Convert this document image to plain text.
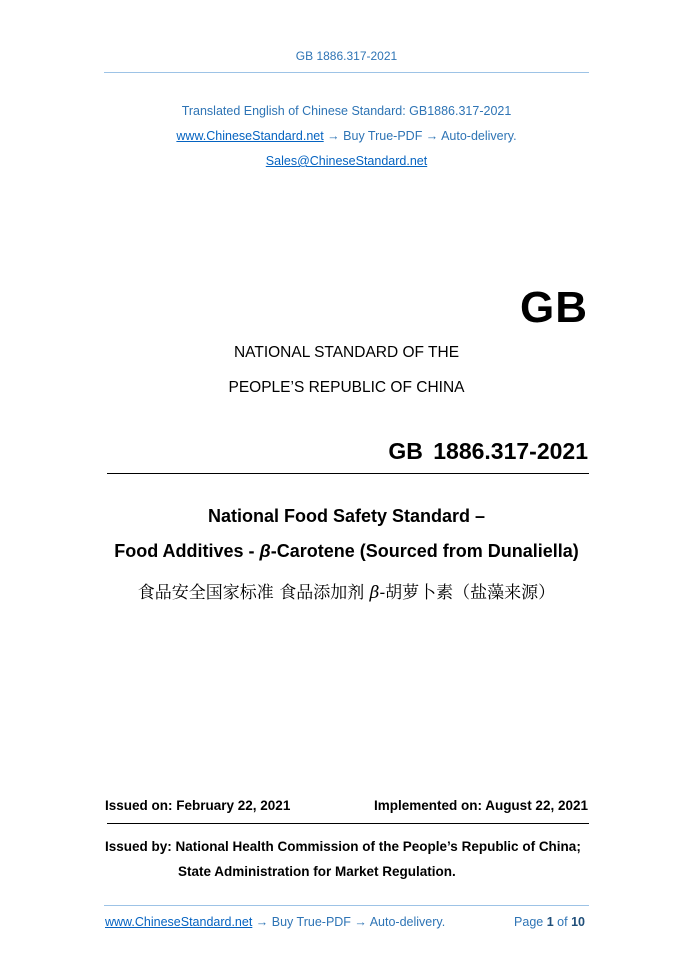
GB 1886.317-2021
Translated English of Chinese Standard: GB1886.317-2021
www.ChineseStandard.net → Buy True-PDF → Auto-delivery.
Sales@ChineseStandard.net
GB
NATIONAL STANDARD OF THE
PEOPLE’S REPUBLIC OF CHINA
GB 1886.317-2021
National Food Safety Standard –
Food Additives - β-Carotene (Sourced from Dunaliella)
食品安全国家标准 食品添加剂 β-胡萝卜素（盐藻来源）
Issued on: February 22, 2021	Implemented on: August 22, 2021
Issued by: National Health Commission of the People’s Republic of China;
State Administration for Market Regulation.
www.ChineseStandard.net → Buy True-PDF → Auto-delivery.	Page 1 of 10
